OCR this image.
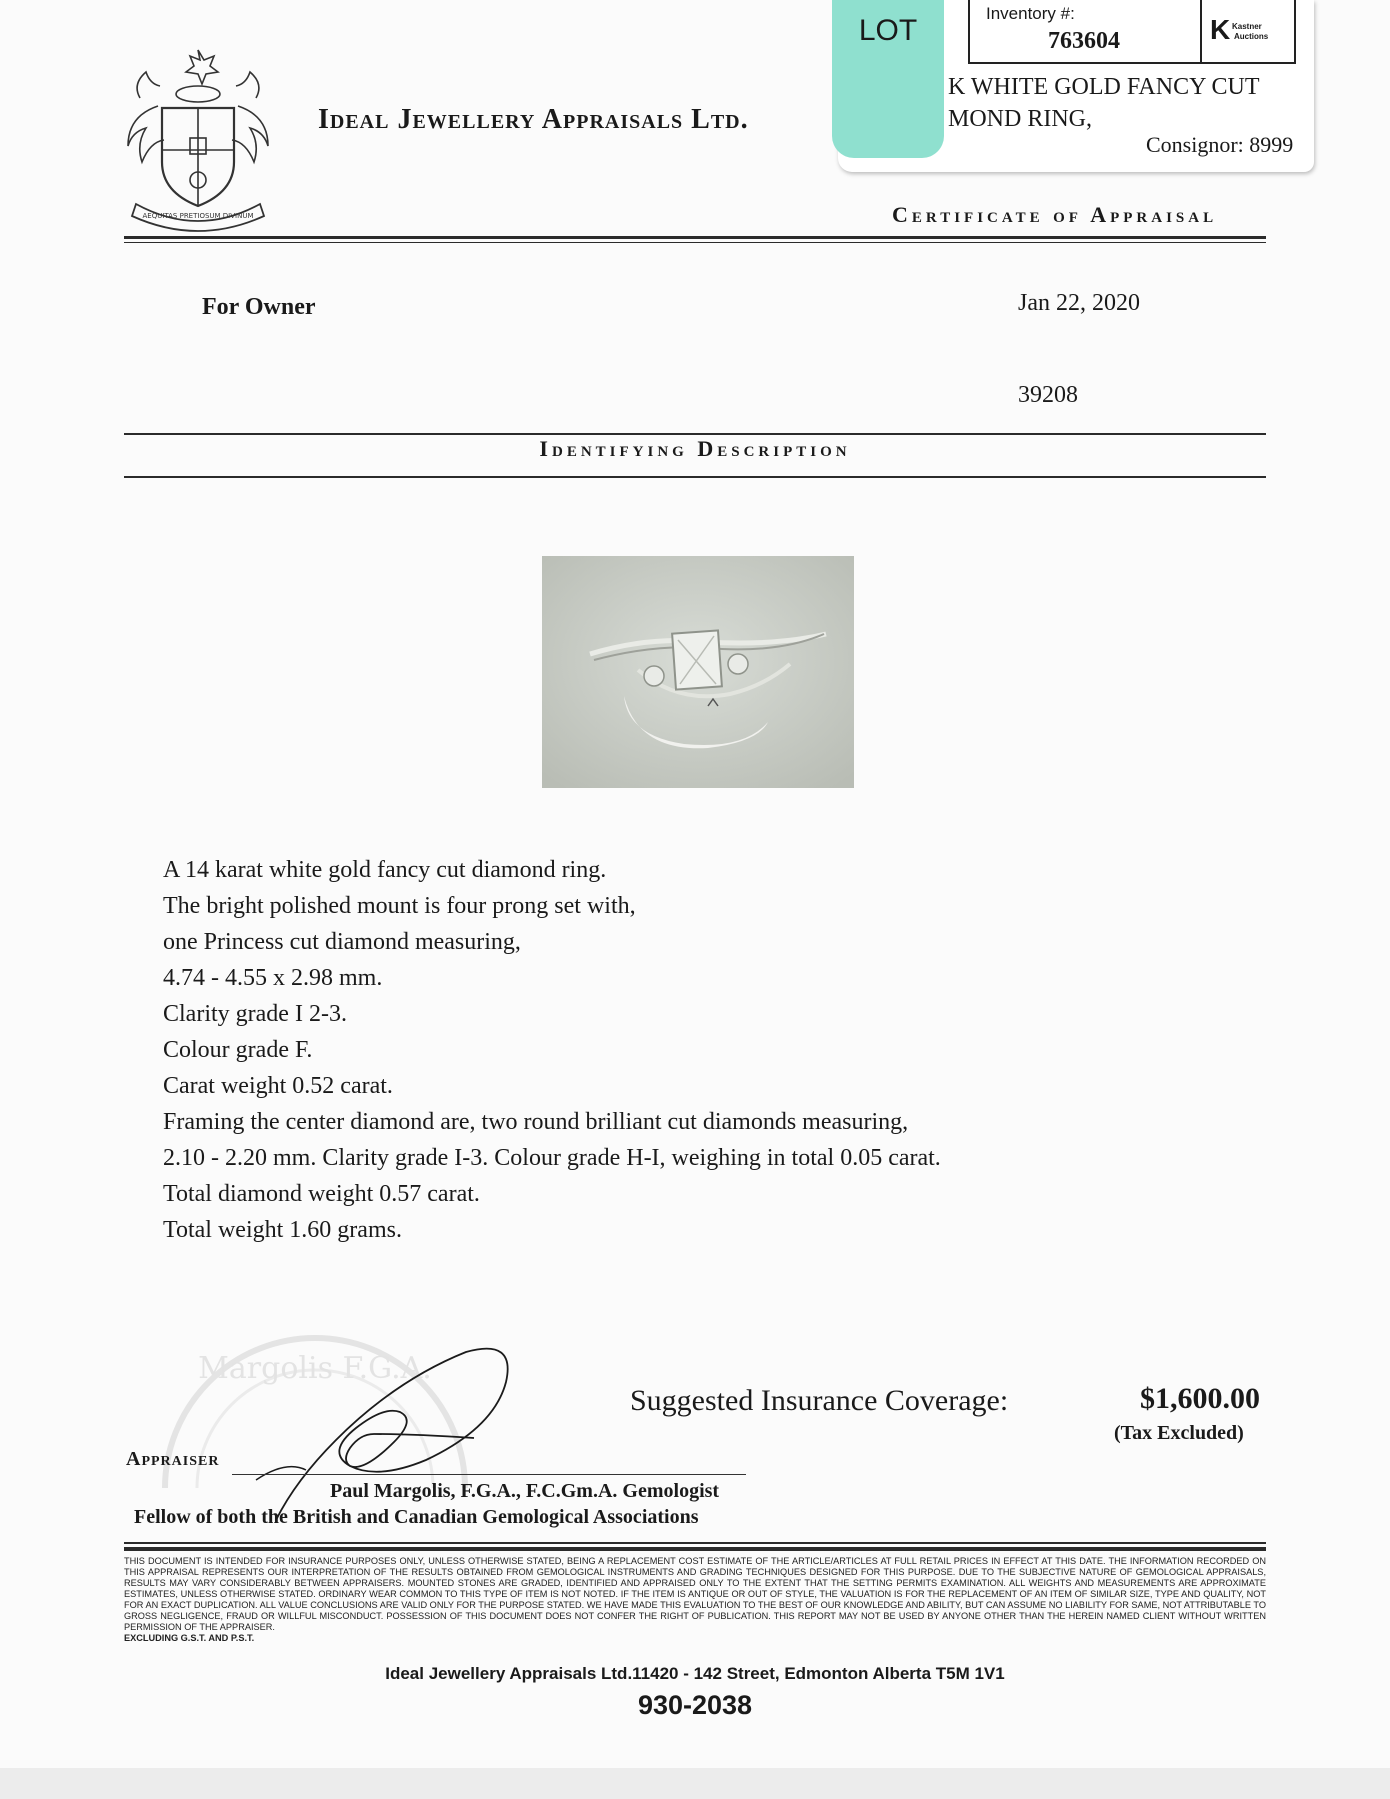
AEQUITAS PRETIOSUM DIVINUM
Ideal Jewellery Appraisals Ltd.
Inventory #:
763604	K Kastner
Auctions
K WHITE GOLD FANCY CUT
MOND RING,
Consignor: 8999
LOT
Certificate of Appraisal
For Owner	Jan 22, 2020
39208
Identifying Description
A 14 karat white gold fancy cut diamond ring.
The bright polished mount is four prong set with,
one Princess cut diamond measuring,
4.74 - 4.55 x 2.98 mm.
Clarity grade I 2-3.
Colour grade F.
Carat weight 0.52 carat.
Framing the center diamond are, two round brilliant cut diamonds measuring,
2.10 - 2.20 mm. Clarity grade I-3. Colour grade H-I, weighing in total 0.05 carat.
Total diamond weight 0.57 carat.
Total weight 1.60 grams.
Margolis F.G.A.
Appraiser
Paul Margolis, F.G.A., F.C.Gm.A. Gemologist
Fellow of both the British and Canadian Gemological Associations
Suggested Insurance Coverage:	$1,600.00
(Tax Excluded)
THIS DOCUMENT IS INTENDED FOR INSURANCE PURPOSES ONLY, UNLESS OTHERWISE STATED, BEING A REPLACEMENT COST ESTIMATE OF THE ARTICLE/ARTICLES AT FULL RETAIL PRICES IN EFFECT AT THIS DATE. THE INFORMATION RECORDED ON THIS APPRAISAL REPRESENTS OUR INTERPRETATION OF THE RESULTS OBTAINED FROM GEMOLOGICAL INSTRUMENTS AND GRADING TECHNIQUES DESIGNED FOR THIS PURPOSE. DUE TO THE SUBJECTIVE NATURE OF GEMOLOGICAL APPRAISALS, RESULTS MAY VARY CONSIDERABLY BETWEEN APPRAISERS. MOUNTED STONES ARE GRADED, IDENTIFIED AND APPRAISED ONLY TO THE EXTENT THAT THE SETTING PERMITS EXAMINATION. ALL WEIGHTS AND MEASUREMENTS ARE APPROXIMATE ESTIMATES, UNLESS OTHERWISE STATED. ORDINARY WEAR COMMON TO THIS TYPE OF ITEM IS NOT NOTED. IF THE ITEM IS ANTIQUE OR OUT OF STYLE, THE VALUATION IS FOR THE REPLACEMENT OF AN ITEM OF SIMILAR SIZE, TYPE AND QUALITY, NOT FOR AN EXACT DUPLICATION. ALL VALUE CONCLUSIONS ARE VALID ONLY FOR THE PURPOSE STATED. WE HAVE MADE THIS EVALUATION TO THE BEST OF OUR KNOWLEDGE AND ABILITY, BUT CAN ASSUME NO LIABILITY FOR SAME, NOT ATTRIBUTABLE TO GROSS NEGLIGENCE, FRAUD OR WILLFUL MISCONDUCT. POSSESSION OF THIS DOCUMENT DOES NOT CONFER THE RIGHT OF PUBLICATION. THIS REPORT MAY NOT BE USED BY ANYONE OTHER THAN THE HEREIN NAMED CLIENT WITHOUT WRITTEN PERMISSION OF THE APPRAISER.
EXCLUDING G.S.T. AND P.S.T.
Ideal Jewellery Appraisals Ltd.11420 - 142 Street, Edmonton Alberta T5M 1V1
930-2038
